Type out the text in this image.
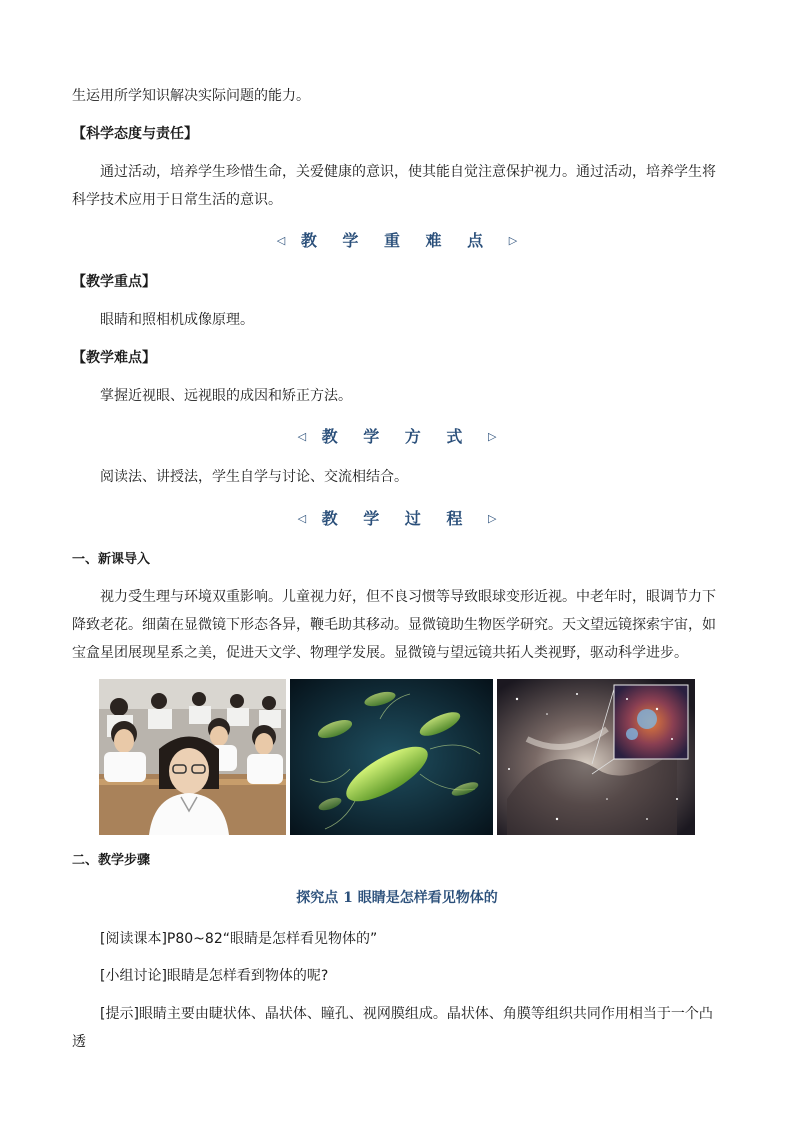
生运用所学知识解决实际问题的能力。

【科学态度与责任】

通过活动，培养学生珍惜生命，关爱健康的意识，使其能自觉注意保护视力。通过活动，培养学生将科学技术应用于日常生活的意识。

◁ 教 学 重 难 点 ▷

【教学重点】

眼睛和照相机成像原理。

【教学难点】

掌握近视眼、远视眼的成因和矫正方法。

◁ 教 学 方 式 ▷

阅读法、讲授法，学生自学与讨论、交流相结合。

◁ 教 学 过 程 ▷

一、新课导入

视力受生理与环境双重影响。儿童视力好，但不良习惯等导致眼球变形近视。中老年时，眼调节力下降致老花。细菌在显微镜下形态各异，鞭毛助其移动。显微镜助生物医学研究。天文望远镜探索宇宙，如宝盒星团展现星系之美，促进天文学、物理学发展。显微镜与望远镜共拓人类视野，驱动科学进步。

二、教学步骤

探究点 1 眼睛是怎样看见物体的

[阅读课本]P80~82“眼睛是怎样看见物体的”

[小组讨论]眼睛是怎样看到物体的呢?

[提示]眼睛主要由睫状体、晶状体、瞳孔、视网膜组成。晶状体、角膜等组织共同作用相当于一个凸透
